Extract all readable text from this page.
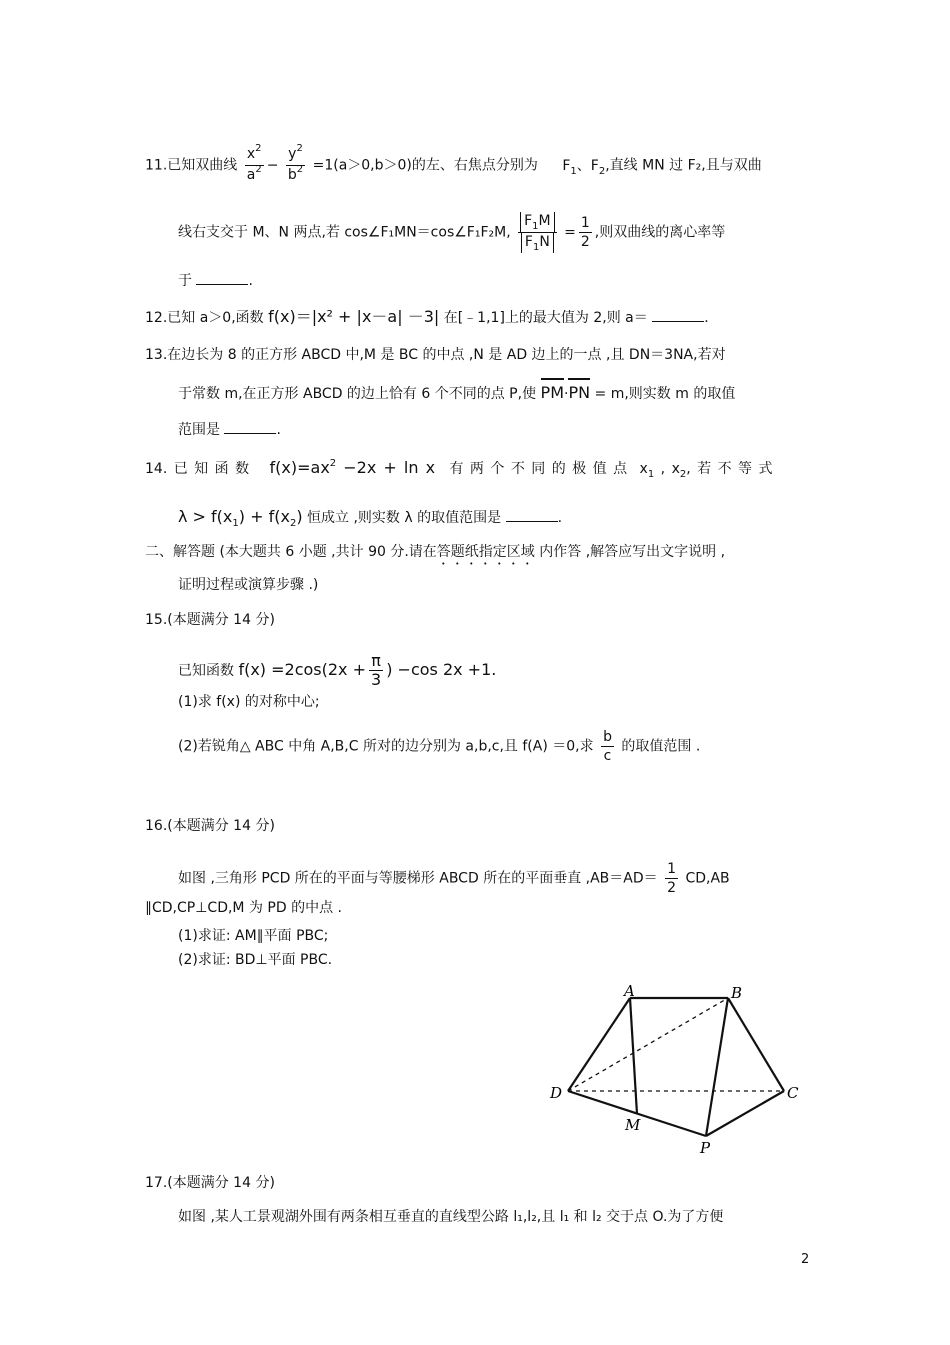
11.已知双曲线 $\frac{x^2}{a^2} - \frac{y^2}{b^2} =1(a>0,b>0)$的左、右焦点分别为 $F_1$、$F_2$,直线 MN 过 F₂,且与双曲
线右支交于 M、N 两点,若 cos∠F₁MN＝cos∠F₁F₂M, $\frac{F_1M}{F_1N} = \frac{1}{2}$ ,则双曲线的离心率等
于	.
12.已知 a＞0,函数 f(x)＝|x² + |x－a| －3| 在[﹣1,1]上的最大值为 2,则 a＝	.
13.在边长为 8 的正方形 ABCD 中,M 是 BC 的中点 ,N 是 AD 边上的一点 ,且 DN＝3NA,若对
于常数 m,在正方形 ABCD 的边上恰有 6 个不同的点 P,使 PM·PN = m,则实数 m 的取值
范围是	.
14. 已 知 函 数 $f(x)=ax^2 -2x + \ln x$ 有 两 个 不 同 的 极 值 点 $x_1$ , $x_2$, 若 不 等 式
$\lambda > f(x_1) + f(x_2)$ 恒成立 ,则实数 λ 的取值范围是	.
二、解答题 (本大题共 6 小题 ,共计 90 分.请在答题纸指定区域 内作答 ,解答应写出文字说明 ,
证明过程或演算步骤 .)
15.(本题满分 14 分)
已知函数 $f(x) =2\cos(2x + \frac{\pi}{3}$ ) −cos 2x +1.
(1)求 f(x) 的对称中心;
(2)若锐角△ ABC 中角 A,B,C 所对的边分别为 a,b,c,且 f(A) ＝0,求 $\frac{b}{c}$ 的取值范围 .
16.(本题满分 14 分)
如图 ,三角形 PCD 所在的平面与等腰梯形 ABCD 所在的平面垂直 $,AB=AD= \frac{1}{2} CD,AB$
∥CD,CP⊥CD,M 为 PD 的中点 .
(1)求证: AM∥平面 PBC;
(2)求证: BD⊥平面 PBC.
A	B
C
D
M
P
17.(本题满分 14 分)
如图 ,某人工景观湖外围有两条相互垂直的直线型公路 l₁,l₂,且 l₁ 和 l₂ 交于点 O.为了方便
2
